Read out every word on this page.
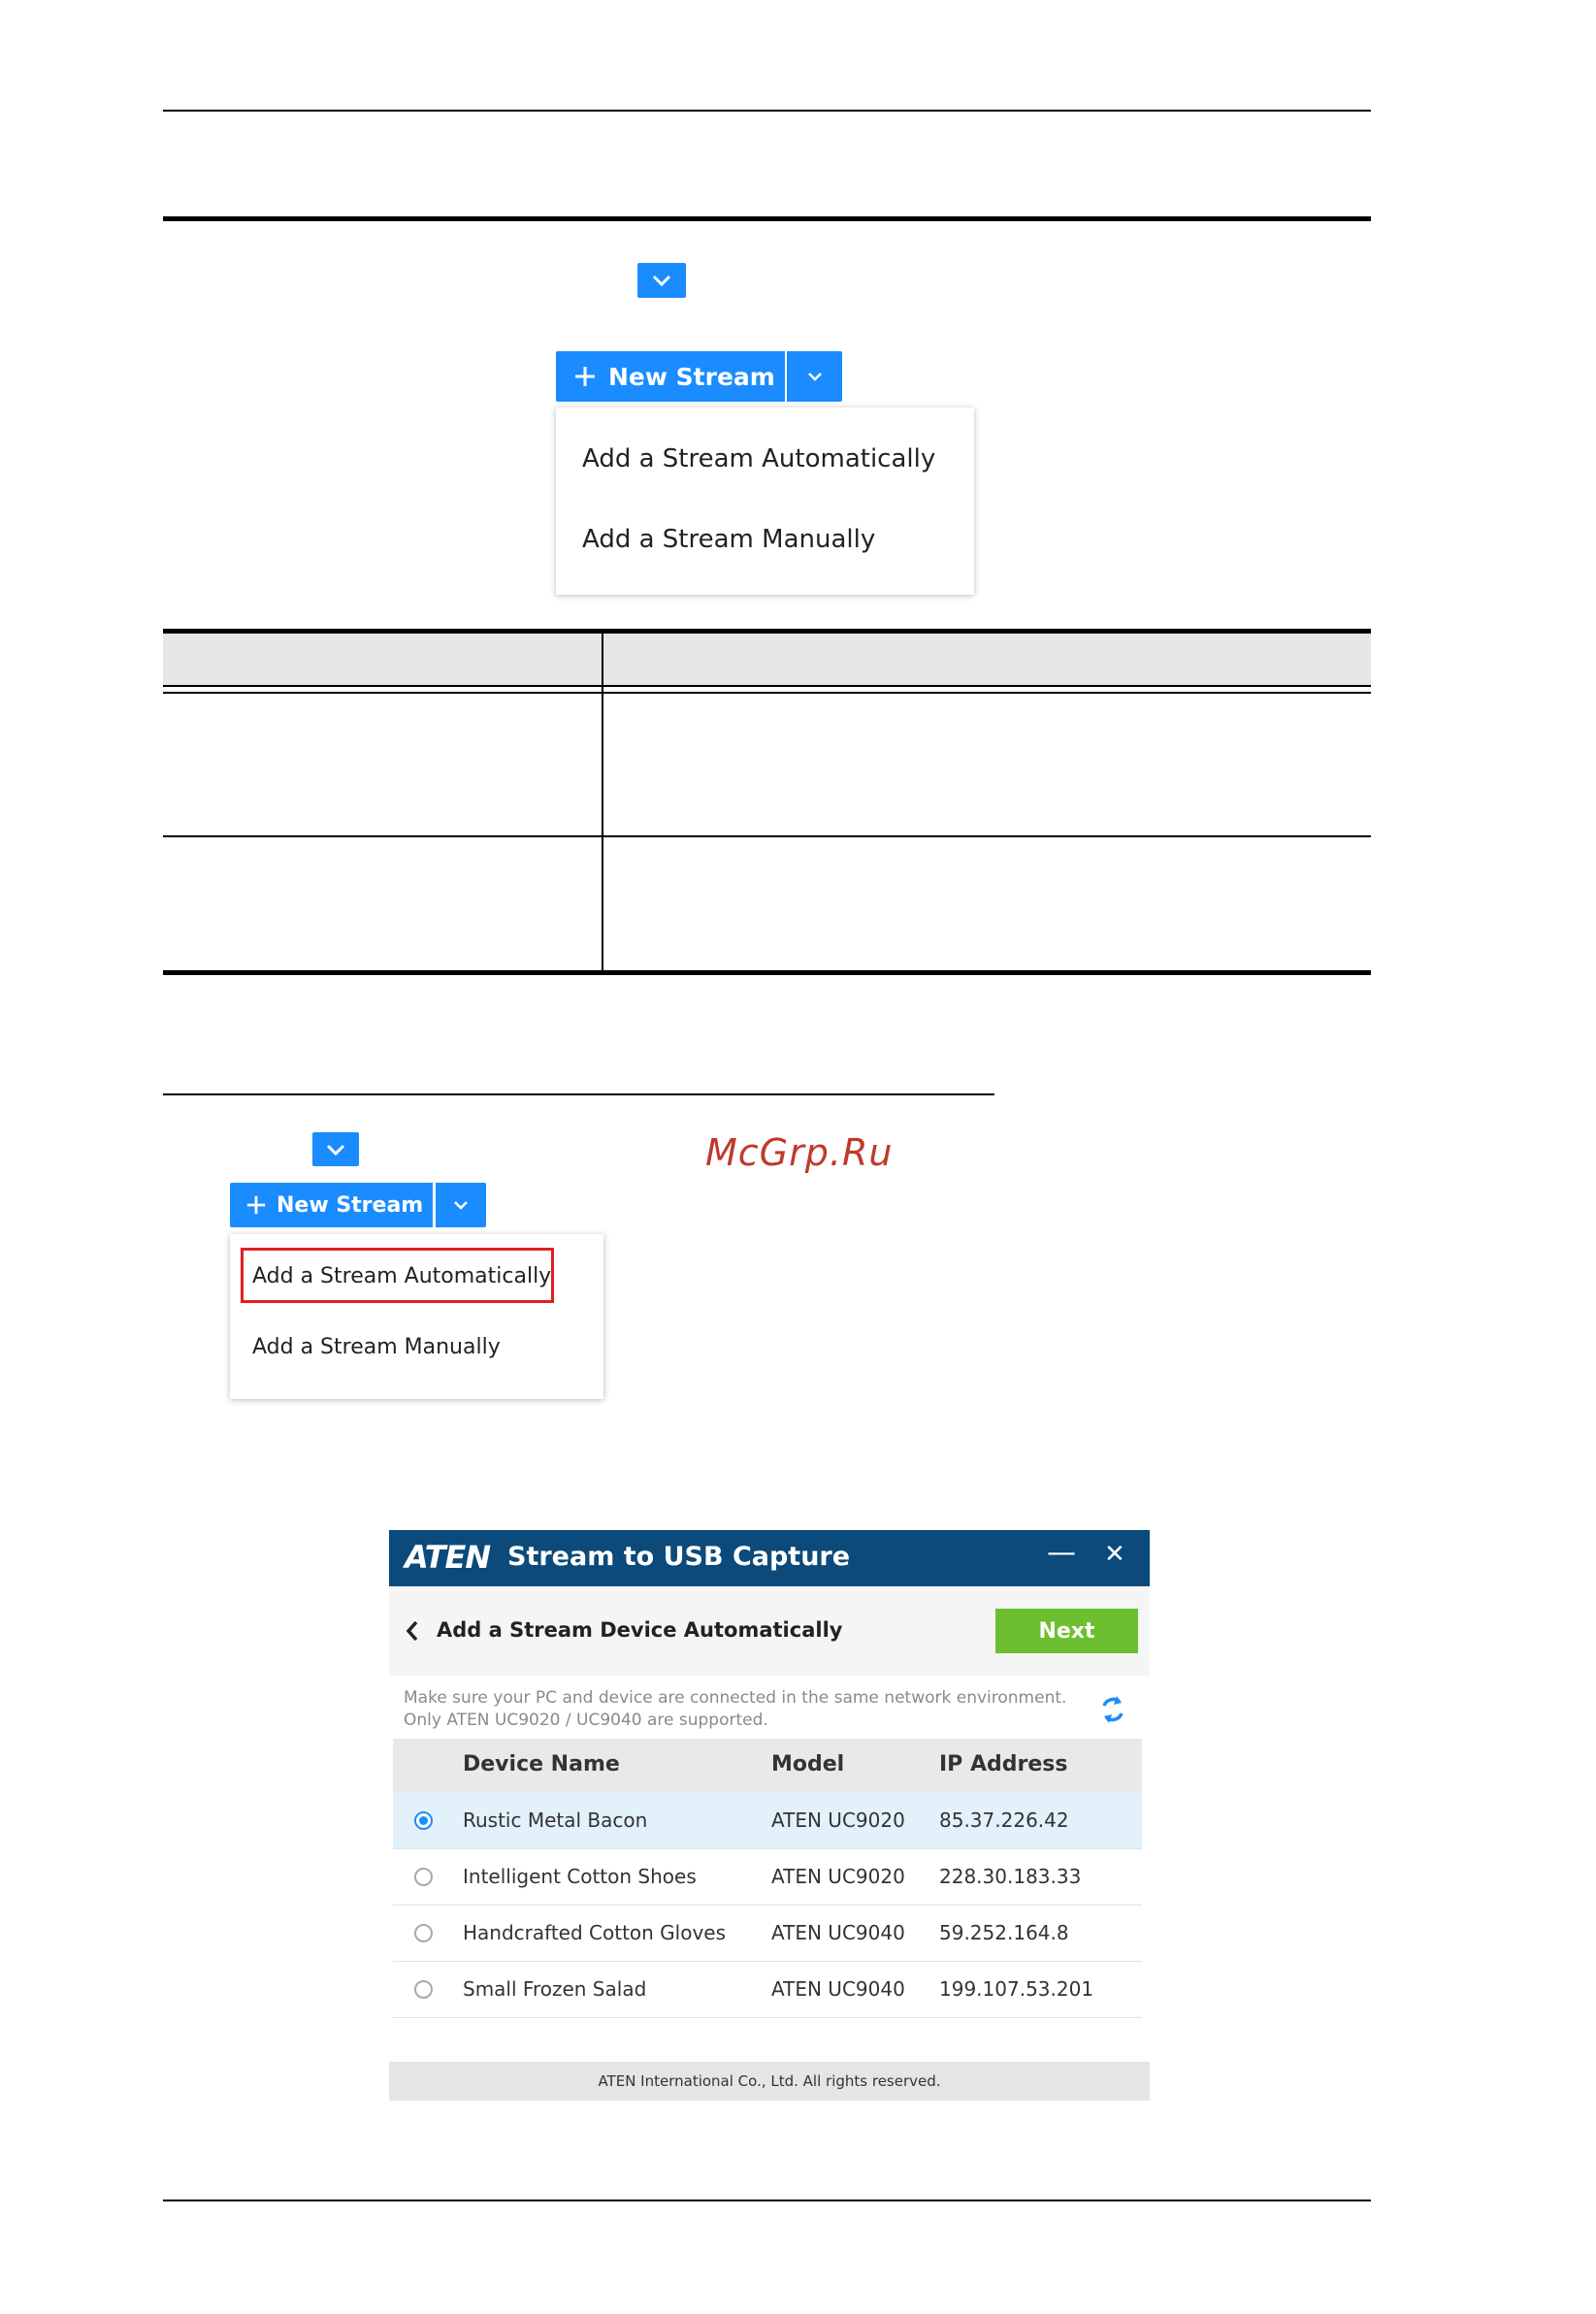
New Stream
Add a Stream Automatically
Add a Stream Manually
McGrp.Ru
New Stream
Add a Stream Automatically
Add a Stream Manually
ATEN Stream to USB Capture	— ✕
Add a Stream Device Automatically	Next
Make sure your PC and device are connected in the same network environment.
Only ATEN UC9020 / UC9040 are supported.
Device Name	Model	IP Address
Rustic Metal Bacon	ATEN UC9020 85.37.226.42
Intelligent Cotton Shoes	ATEN UC9020 228.30.183.33
Handcrafted Cotton Gloves ATEN UC9040 59.252.164.8
Small Frozen Salad	ATEN UC9040 199.107.53.201
ATEN International Co., Ltd. All rights reserved.
